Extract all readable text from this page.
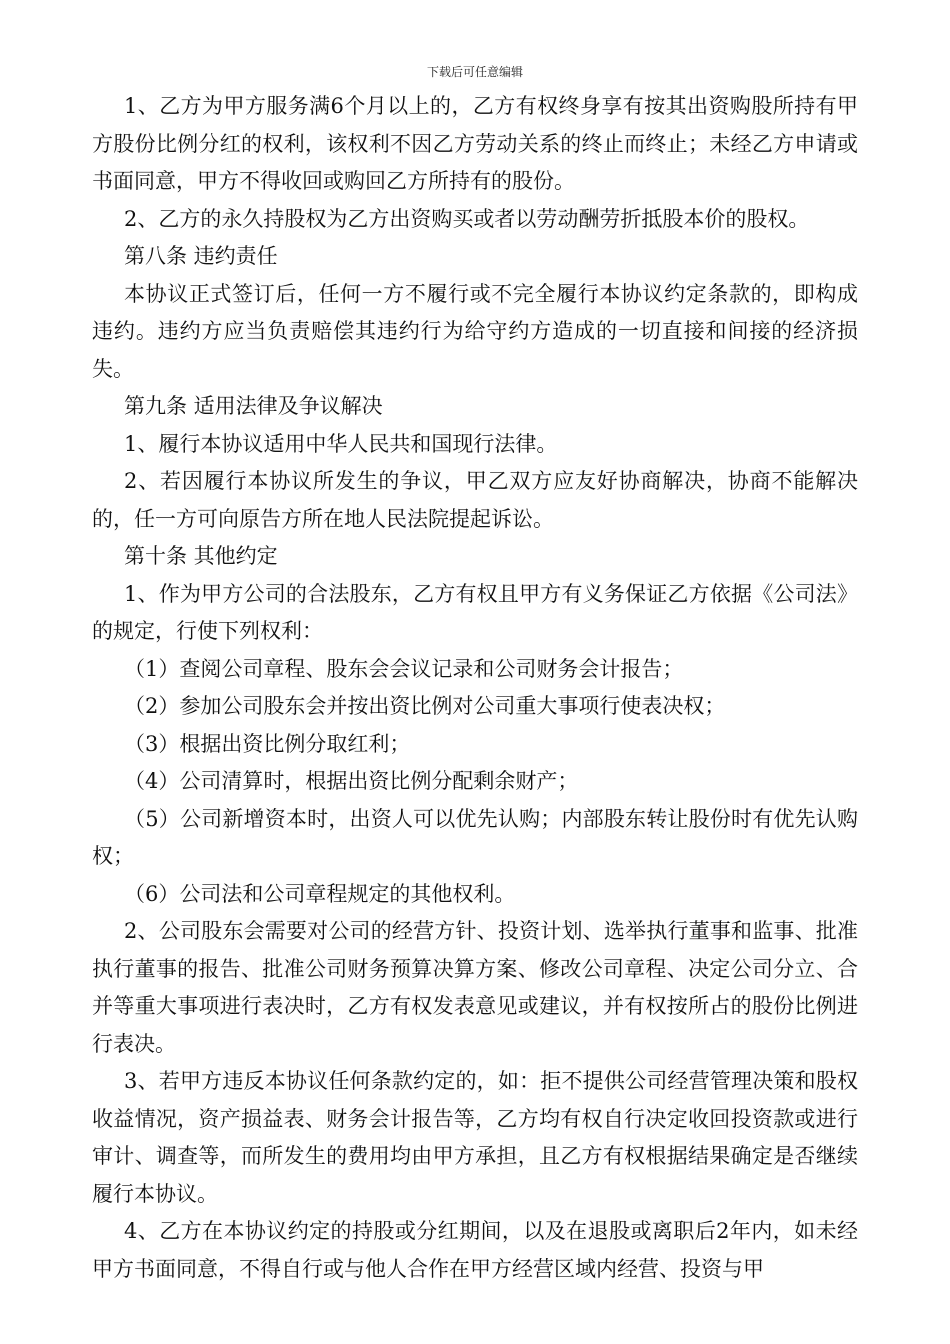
下载后可任意编辑

1、乙方为甲方服务满6个月以上的，乙方有权终身享有按其出资购股所持有甲方股份比例分红的权利，该权利不因乙方劳动关系的终止而终止；未经乙方申请或书面同意，甲方不得收回或购回乙方所持有的股份。

2、乙方的永久持股权为乙方出资购买或者以劳动酬劳折抵股本价的股权。

第八条 违约责任

本协议正式签订后，任何一方不履行或不完全履行本协议约定条款的，即构成违约。违约方应当负责赔偿其违约行为给守约方造成的一切直接和间接的经济损失。

第九条 适用法律及争议解决

1、履行本协议适用中华人民共和国现行法律。

2、若因履行本协议所发生的争议，甲乙双方应友好协商解决，协商不能解决的，任一方可向原告方所在地人民法院提起诉讼。

第十条 其他约定

1、作为甲方公司的合法股东，乙方有权且甲方有义务保证乙方依据《公司法》的规定，行使下列权利：

（1）查阅公司章程、股东会会议记录和公司财务会计报告；

（2）参加公司股东会并按出资比例对公司重大事项行使表决权；

（3）根据出资比例分取红利；

（4）公司清算时，根据出资比例分配剩余财产；

（5）公司新增资本时，出资人可以优先认购；内部股东转让股份时有优先认购权；

（6）公司法和公司章程规定的其他权利。

2、公司股东会需要对公司的经营方针、投资计划、选举执行董事和监事、批准执行董事的报告、批准公司财务预算决算方案、修改公司章程、决定公司分立、合并等重大事项进行表决时，乙方有权发表意见或建议，并有权按所占的股份比例进行表决。

3、若甲方违反本协议任何条款约定的，如：拒不提供公司经营管理决策和股权收益情况，资产损益表、财务会计报告等，乙方均有权自行决定收回投资款或进行审计、调查等，而所发生的费用均由甲方承担，且乙方有权根据结果确定是否继续履行本协议。

4、乙方在本协议约定的持股或分红期间，以及在退股或离职后2年内，如未经甲方书面同意，不得自行或与他人合作在甲方经营区域内经营、投资与甲
